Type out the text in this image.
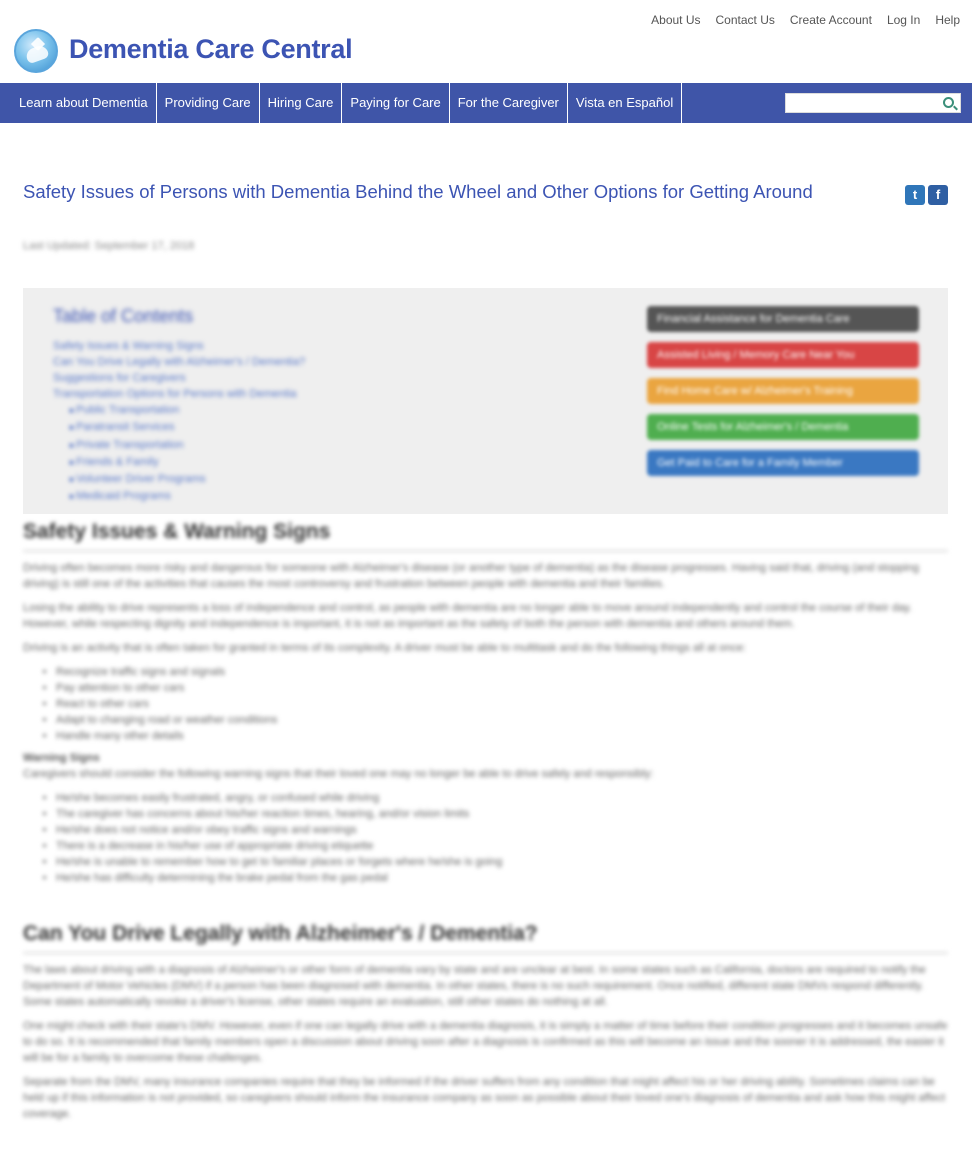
Dementia Care Central
About Us Contact Us Create Account Log In Help
Learn about Dementia	Providing Care	Hiring Care	Paying for Care	For the Caregiver	Vista en Español
Safety Issues of Persons with Dementia Behind the Wheel and Other Options for Getting Around	t	f
Last Updated: September 17, 2018
Table of Contents
Safety Issues & Warning Signs
Can You Drive Legally with Alzheimer's / Dementia?
Suggestions for Caregivers
Transportation Options for Persons with Dementia
■ Public Transportation
■ Paratransit Services
■ Private Transportation
■ Friends & Family
■ Volunteer Driver Programs
■ Medicaid Programs
Financial Assistance for Dementia Care
Assisted Living / Memory Care Near You
Find Home Care w/ Alzheimer's Training
Online Tests for Alzheimer's / Dementia
Get Paid to Care for a Family Member
Safety Issues & Warning Signs

Driving often becomes more risky and dangerous for someone with Alzheimer's disease (or another type of dementia) as the disease progresses. Having said that, driving (and stopping driving) is still one of the activities that causes the most controversy and frustration between people with dementia and their families.

Losing the ability to drive represents a loss of independence and control, as people with dementia are no longer able to move around independently and control the course of their day. However, while respecting dignity and independence is important, it is not as important as the safety of both the person with dementia and others around them.

Driving is an activity that is often taken for granted in terms of its complexity. A driver must be able to multitask and do the following things all at once:

• Recognize traffic signs and signals
• Pay attention to other cars
• React to other cars
• Adapt to changing road or weather conditions
• Handle many other details
Warning Signs

Caregivers should consider the following warning signs that their loved one may no longer be able to drive safely and responsibly:

• He/she becomes easily frustrated, angry, or confused while driving
• The caregiver has concerns about his/her reaction times, hearing, and/or vision limits
• He/she does not notice and/or obey traffic signs and warnings
• There is a decrease in his/her use of appropriate driving etiquette
• He/she is unable to remember how to get to familiar places or forgets where he/she is going
• He/she has difficulty determining the brake pedal from the gas pedal
Can You Drive Legally with Alzheimer's / Dementia?

The laws about driving with a diagnosis of Alzheimer's or other form of dementia vary by state and are unclear at best. In some states such as California, doctors are required to notify the Department of Motor Vehicles (DMV) if a person has been diagnosed with dementia. In other states, there is no such requirement. Once notified, different state DMVs respond differently. Some states automatically revoke a driver's license, other states require an evaluation, still other states do nothing at all.

One might check with their state's DMV. However, even if one can legally drive with a dementia diagnosis, it is simply a matter of time before their condition progresses and it becomes unsafe to do so. It is recommended that family members open a discussion about driving soon after a diagnosis is confirmed as this will become an issue and the sooner it is addressed, the easier it will be for a family to overcome these challenges.

Separate from the DMV, many insurance companies require that they be informed if the driver suffers from any condition that might affect his or her driving ability. Sometimes claims can be held up if this information is not provided, so caregivers should inform the insurance company as soon as possible about their loved one's diagnosis of dementia and ask how this might affect coverage.
